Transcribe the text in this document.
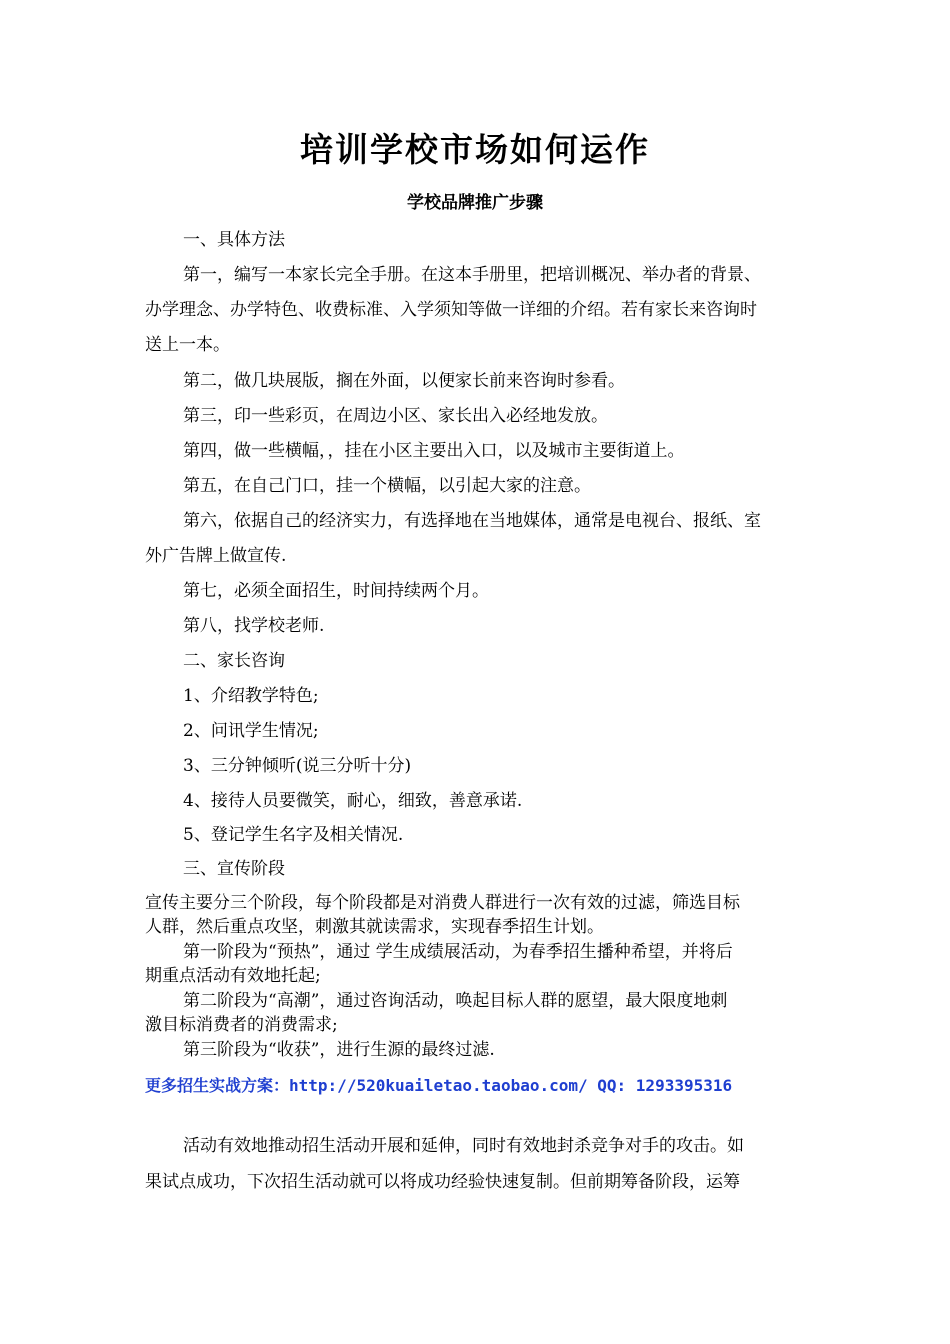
培训学校市场如何运作
学校品牌推广步骤
一、具体方法
第一，编写一本家长完全手册。在这本手册里，把培训概况、举办者的背景、
办学理念、办学特色、收费标准、入学须知等做一详细的介绍。若有家长来咨询时
送上一本。
第二，做几块展版，搁在外面，以便家长前来咨询时参看。
第三，印一些彩页，在周边小区、家长出入必经地发放。
第四，做一些横幅，，挂在小区主要出入口，以及城市主要街道上。
第五，在自己门口，挂一个横幅，以引起大家的注意。
第六，依据自己的经济实力，有选择地在当地媒体，通常是电视台、报纸、室
外广告牌上做宣传.
第七，必须全面招生，时间持续两个月。
第八，找学校老师.
二、家长咨询
1、介绍教学特色;
2、问讯学生情况;
3、三分钟倾听(说三分听十分)
4、接待人员要微笑，耐心，细致，善意承诺.
5、登记学生名字及相关情况.
三、宣传阶段
宣传主要分三个阶段，每个阶段都是对消费人群进行一次有效的过滤，筛选目标
人群，然后重点攻坚，刺激其就读需求，实现春季招生计划。
第一阶段为“预热”，通过 学生成绩展活动，为春季招生播种希望，并将后
期重点活动有效地托起;
第二阶段为“高潮”，通过咨询活动，唤起目标人群的愿望，最大限度地刺
激目标消费者的消费需求;
第三阶段为“收获”，进行生源的最终过滤.
更多招生实战方案：http://520kuailetao.taobao.com/ QQ: 1293395316
活动有效地推动招生活动开展和延伸，同时有效地封杀竞争对手的攻击。如
果试点成功，下次招生活动就可以将成功经验快速复制。但前期筹备阶段，运筹
